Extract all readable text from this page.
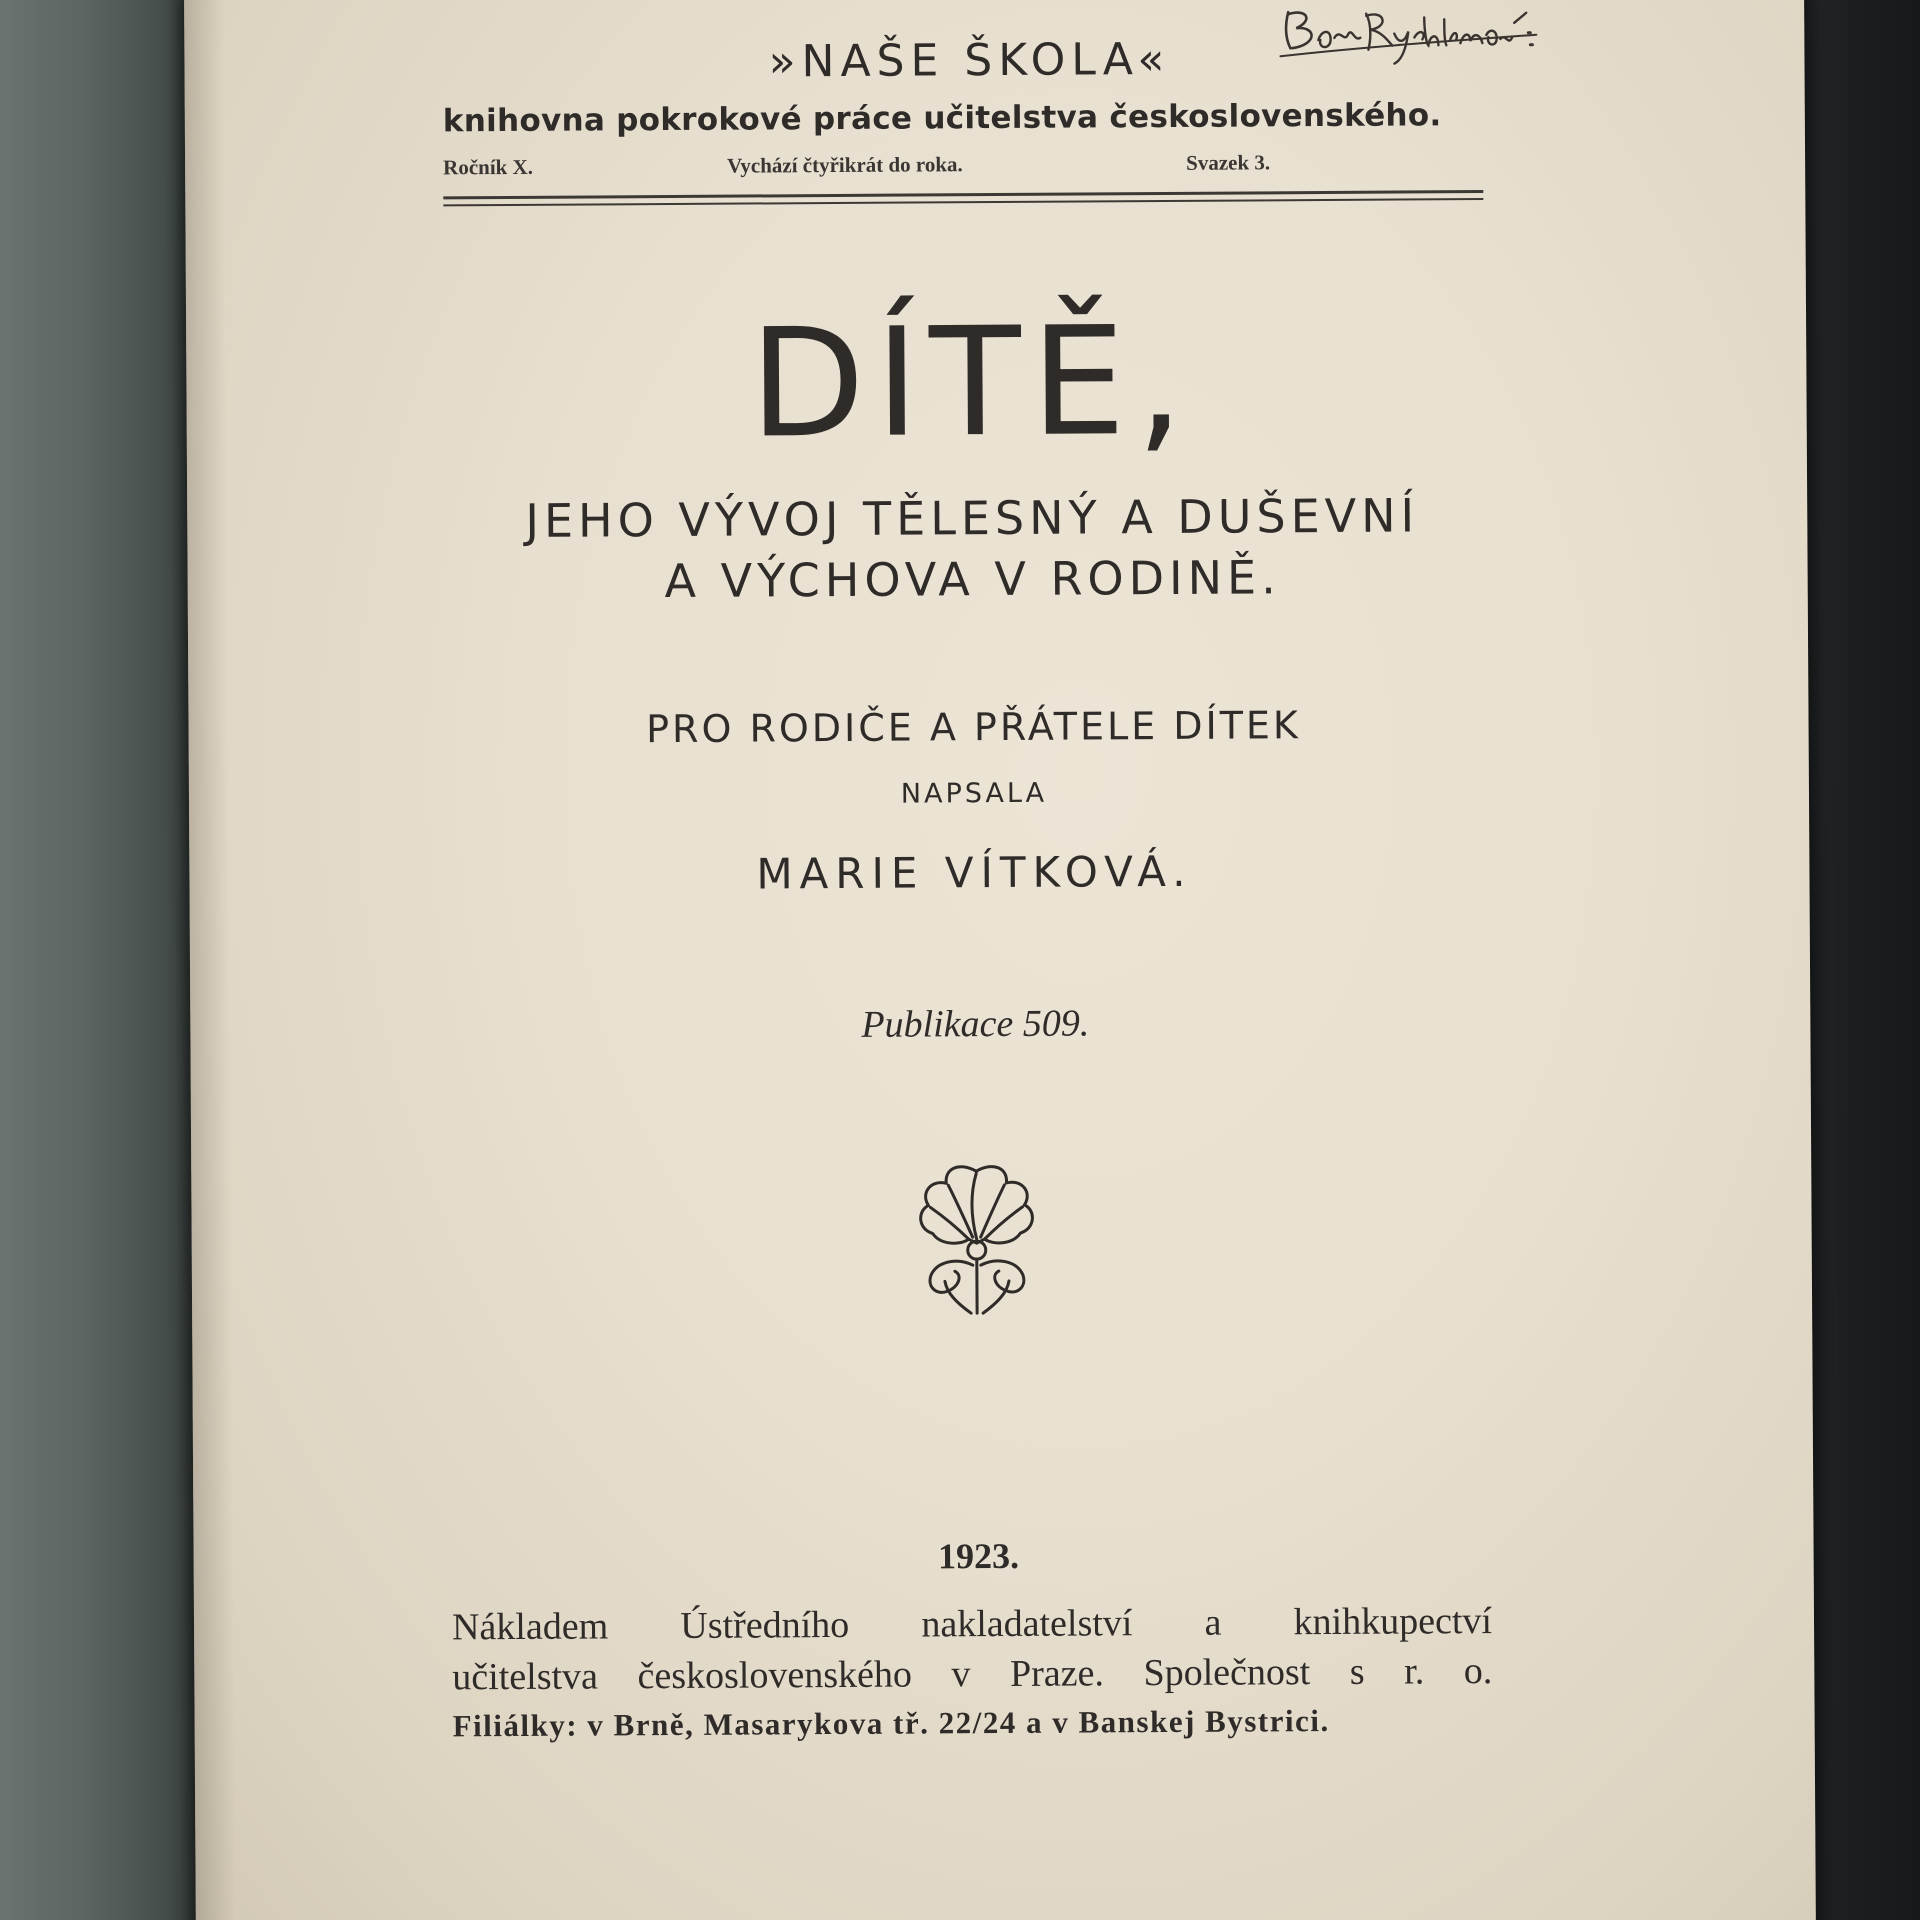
»NAŠE ŠKOLA«
knihovna pokrokové práce učitelstva československého.
Ročník X.	Vychází čtyřikrát do roka.	Svazek 3.
DÍTĚ,
JEHO VÝVOJ TĚLESNÝ A DUŠEVNÍ
A VÝCHOVA V RODINĚ.
PRO RODIČE A PŘÁTELE DÍTEK
NAPSALA
MARIE VÍTKOVÁ.
Publikace 509.
1923.
Nákladem Ústředního nakladatelství a knihkupectví
učitelstva československého v Praze. Společnost s r. o.
Filiálky: v Brně, Masarykova tř. 22/24 a v Banskej Bystrici.
